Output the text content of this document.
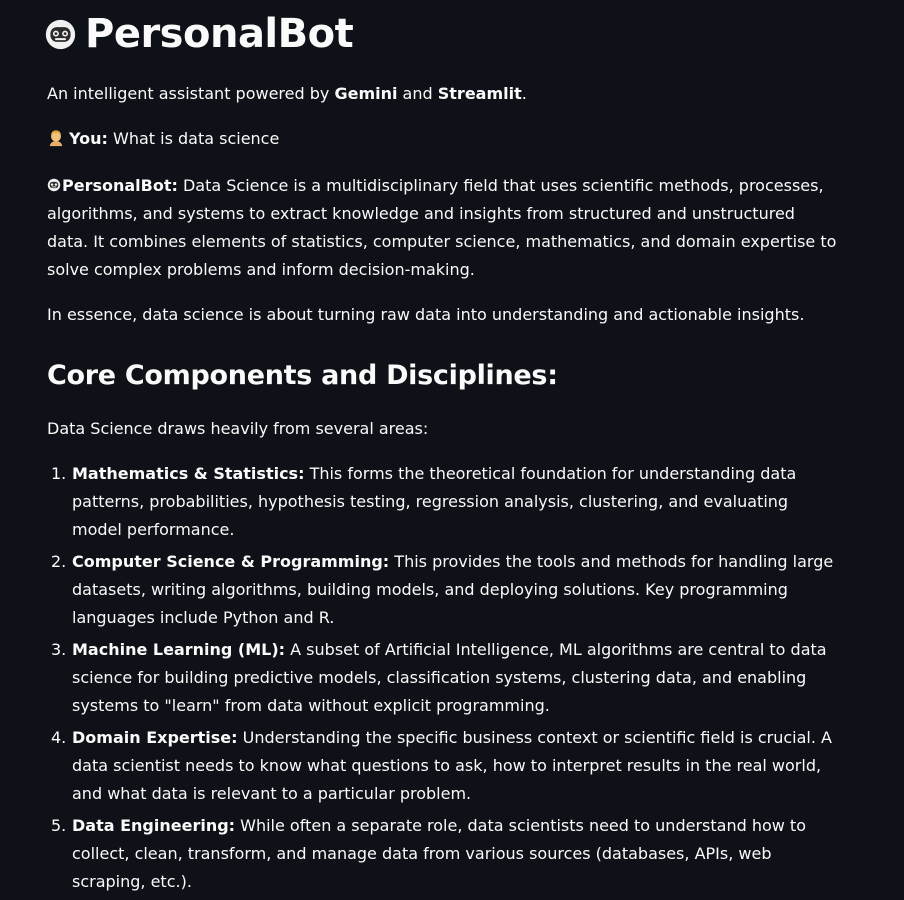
PersonalBot

An intelligent assistant powered by Gemini and Streamlit.

You: What is data science

PersonalBot: Data Science is a multidisciplinary field that uses scientific methods, processes, algorithms, and systems to extract knowledge and insights from structured and unstructured data. It combines elements of statistics, computer science, mathematics, and domain expertise to solve complex problems and inform decision-making.

In essence, data science is about turning raw data into understanding and actionable insights.

Core Components and Disciplines:

Data Science draws heavily from several areas:

1. Mathematics & Statistics: This forms the theoretical foundation for understanding data patterns, probabilities, hypothesis testing, regression analysis, clustering, and evaluating model performance.
2. Computer Science & Programming: This provides the tools and methods for handling large datasets, writing algorithms, building models, and deploying solutions. Key programming languages include Python and R.
3. Machine Learning (ML): A subset of Artificial Intelligence, ML algorithms are central to data science for building predictive models, classification systems, clustering data, and enabling systems to "learn" from data without explicit programming.
4. Domain Expertise: Understanding the specific business context or scientific field is crucial. A data scientist needs to know what questions to ask, how to interpret results in the real world, and what data is relevant to a particular problem.
5. Data Engineering: While often a separate role, data scientists need to understand how to collect, clean, transform, and manage data from various sources (databases, APIs, web scraping, etc.).
